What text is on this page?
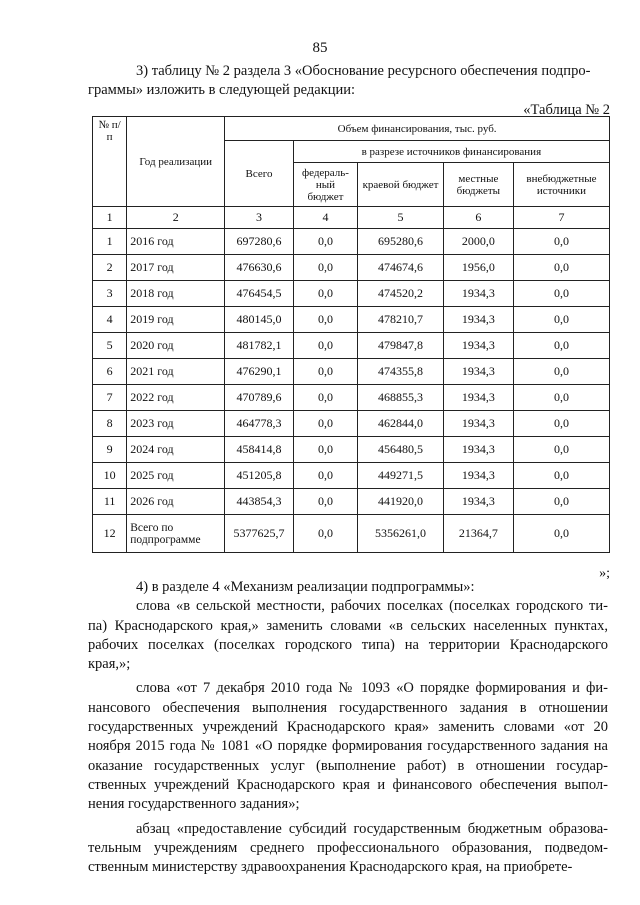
85
3) таблицу № 2 раздела 3 «Обоснование ресурсного обеспечения подпро-
граммы» изложить в следующей редакции:
«Таблица № 2
№ п/п	Год реализации	Объем финансирования, тыс. руб.				
		Всего	в разрезе источников финансирования			
			федераль-ный бюджет	краевой бюджет	местные бюджеты	внебюджетные источники
1	2	3	4	5	6	7
1	2016 год	697280,6	0,0	695280,6	2000,0	0,0
2	2017 год	476630,6	0,0	474674,6	1956,0	0,0
3	2018 год	476454,5	0,0	474520,2	1934,3	0,0
4	2019 год	480145,0	0,0	478210,7	1934,3	0,0
5	2020 год	481782,1	0,0	479847,8	1934,3	0,0
6	2021 год	476290,1	0,0	474355,8	1934,3	0,0
7	2022 год	470789,6	0,0	468855,3	1934,3	0,0
8	2023 год	464778,3	0,0	462844,0	1934,3	0,0
9	2024 год	458414,8	0,0	456480,5	1934,3	0,0
10	2025 год	451205,8	0,0	449271,5	1934,3	0,0
11	2026 год	443854,3	0,0	441920,0	1934,3	0,0
12	Всего по подпрограмме	5377625,7	0,0	5356261,0	21364,7	0,0
»;

4) в разделе 4 «Механизм реализации подпрограммы»:

слова «в сельской местности, рабочих поселках (поселках городского ти-па) Краснодарского края,» заменить словами «в сельских населенных пунктах, рабочих поселках (поселках городского типа) на территории Краснодарского края,»;

слова «от 7 декабря 2010 года № 1093 «О порядке формирования и фи-нансового обеспечения выполнения государственного задания в отношении государственных учреждений Краснодарского края» заменить словами «от 20 ноября 2015 года № 1081 «О порядке формирования государственного задания на оказание государственных услуг (выполнение работ) в отношении государ-ственных учреждений Краснодарского края и финансового обеспечения выпол-нения государственного задания»;

абзац «предоставление субсидий государственным бюджетным образова-тельным учреждениям среднего профессионального образования, подведом-ственным министерству здравоохранения Краснодарского края, на приобрете-
